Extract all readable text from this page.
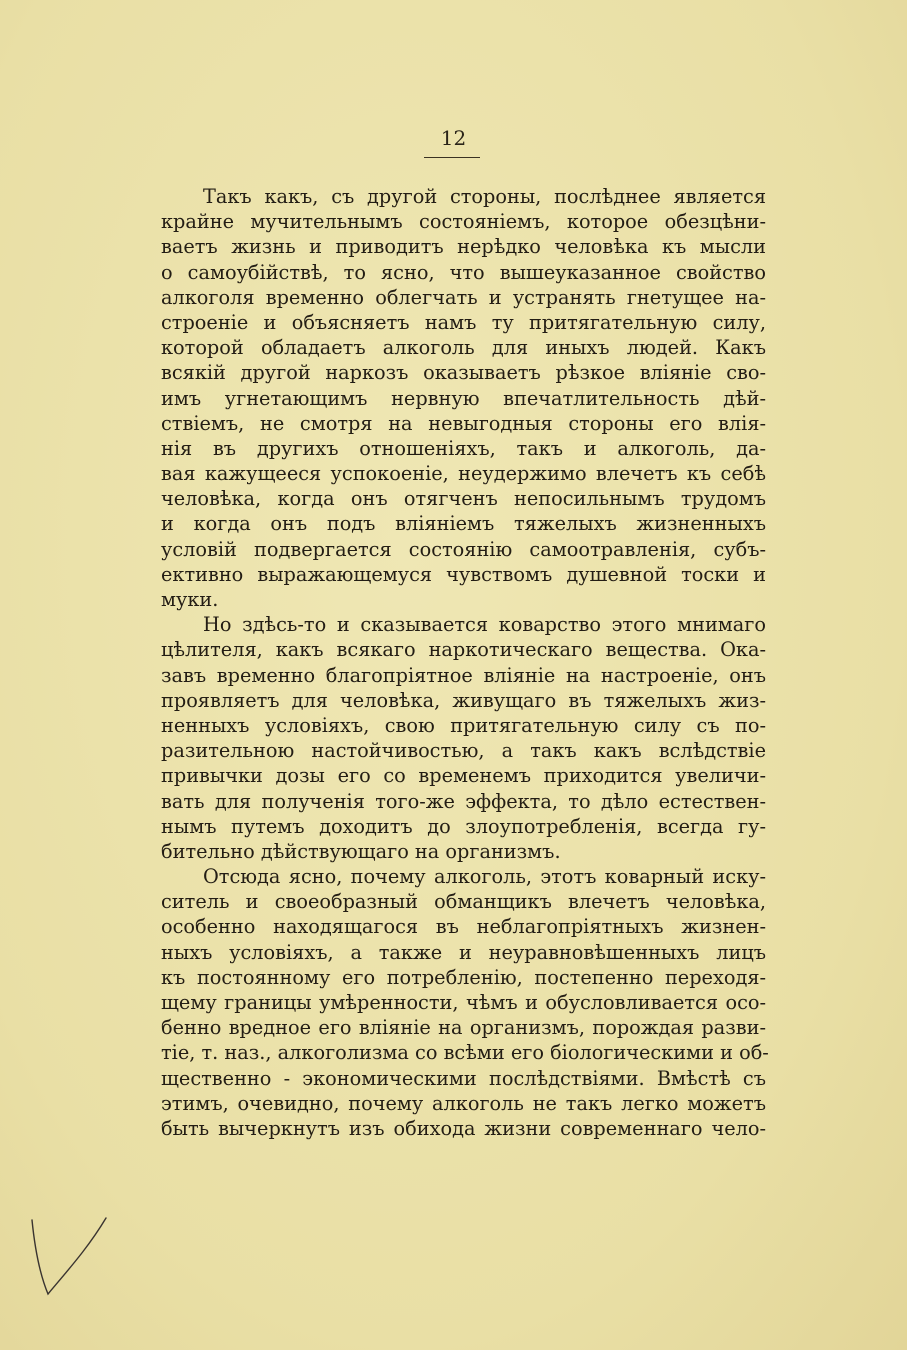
12
Такъ какъ, съ другой стороны, послѣднее является
крайне мучительнымъ состояніемъ, которое обезцѣни-
ваетъ жизнь и приводитъ нерѣдко человѣка къ мысли
о самоубійствѣ, то ясно, что вышеуказанное свойство
алкоголя временно облегчать и устранять гнетущее на-
строеніе и объясняетъ намъ ту притягательную силу,
которой обладаетъ алкоголь для иныхъ людей. Какъ
всякій другой наркозъ оказываетъ рѣзкое вліяніе сво-
имъ угнетающимъ нервную впечатлительность дѣй-
ствіемъ, не смотря на невыгодныя стороны его влія-
нія въ другихъ отношеніяхъ, такъ и алкоголь, да-
вая кажущееся успокоеніе, неудержимо влечетъ къ себѣ
человѣка, когда онъ отягченъ непосильнымъ трудомъ
и когда онъ подъ вліяніемъ тяжелыхъ жизненныхъ
условій подвергается состоянію самоотравленія, субъ-
ективно выражающемуся чувствомъ душевной тоски и
муки.
Но здѣсь-то и сказывается коварство этого мнимаго
цѣлителя, какъ всякаго наркотическаго вещества. Ока-
завъ временно благопріятное вліяніе на настроеніе, онъ
проявляетъ для человѣка, живущаго въ тяжелыхъ жиз-
ненныхъ условіяхъ, свою притягательную силу съ по-
разительною настойчивостью, а такъ какъ вслѣдствіе
привычки дозы его со временемъ приходится увеличи-
вать для полученія того-же эффекта, то дѣло естествен-
нымъ путемъ доходитъ до злоупотребленія, всегда гу-
бительно дѣйствующаго на организмъ.
Отсюда ясно, почему алкоголь, этотъ коварный иску-
ситель и своеобразный обманщикъ влечетъ человѣка,
особенно находящагося въ неблагопріятныхъ жизнен-
ныхъ условіяхъ, а также и неуравновѣшенныхъ лицъ
къ постоянному его потребленію, постепенно переходя-
щему границы умѣренности, чѣмъ и обусловливается осо-
бенно вредное его вліяніе на организмъ, порождая разви-
тіе, т. наз., алкоголизма со всѣми его біологическими и об-
щественно - экономическими послѣдствіями. Вмѣстѣ съ
этимъ, очевидно, почему алкоголь не такъ легко можетъ
быть вычеркнутъ изъ обихода жизни современнаго чело-
